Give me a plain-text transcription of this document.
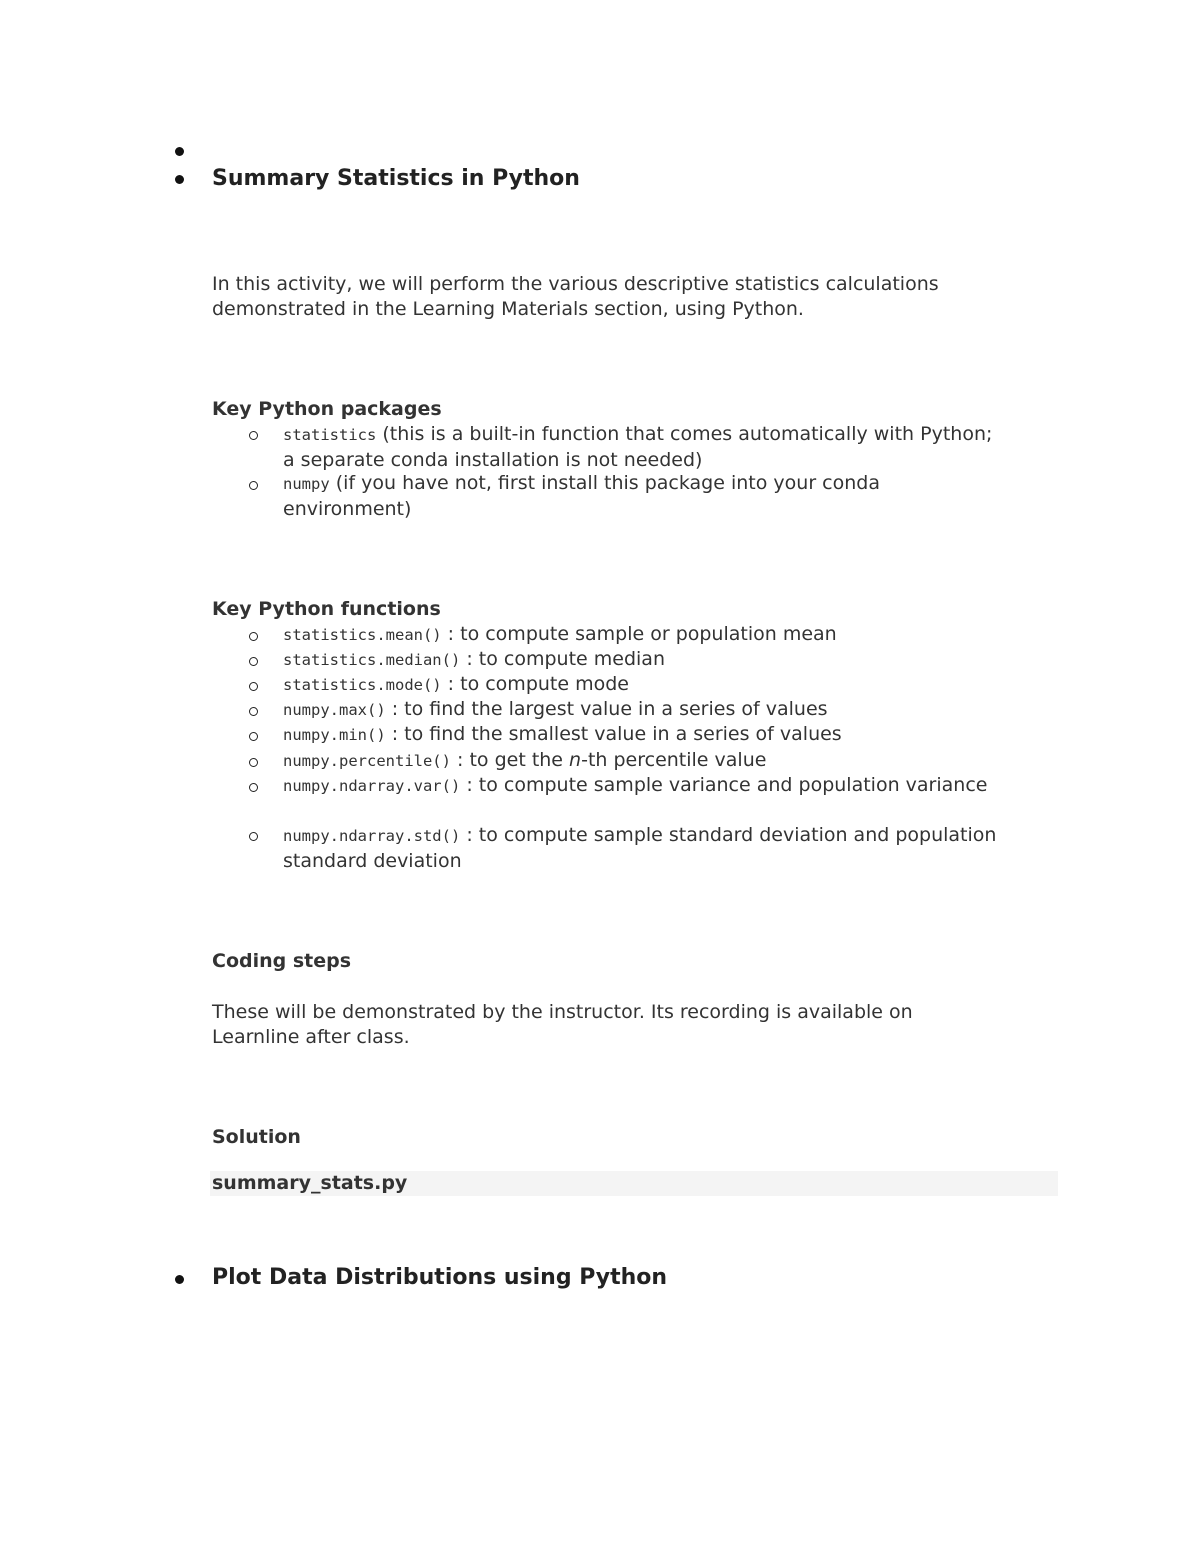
Summary Statistics in Python
In this activity, we will perform the various descriptive statistics calculations demonstrated in the Learning Materials section, using Python.
Key Python packages
statistics (this is a built-in function that comes automatically with Python; a separate conda installation is not needed)
numpy (if you have not, first install this package into your conda environment)
Key Python functions
statistics.mean() : to compute sample or population mean
statistics.median() : to compute median
statistics.mode() : to compute mode
numpy.max() : to find the largest value in a series of values
numpy.min() : to find the smallest value in a series of values
numpy.percentile() : to get the n-th percentile value
numpy.ndarray.var() : to compute sample variance and population variance
numpy.ndarray.std() : to compute sample standard deviation and population standard deviation
Coding steps
These will be demonstrated by the instructor. Its recording is available on Learnline after class.
Solution
summary_stats.py
Plot Data Distributions using Python
